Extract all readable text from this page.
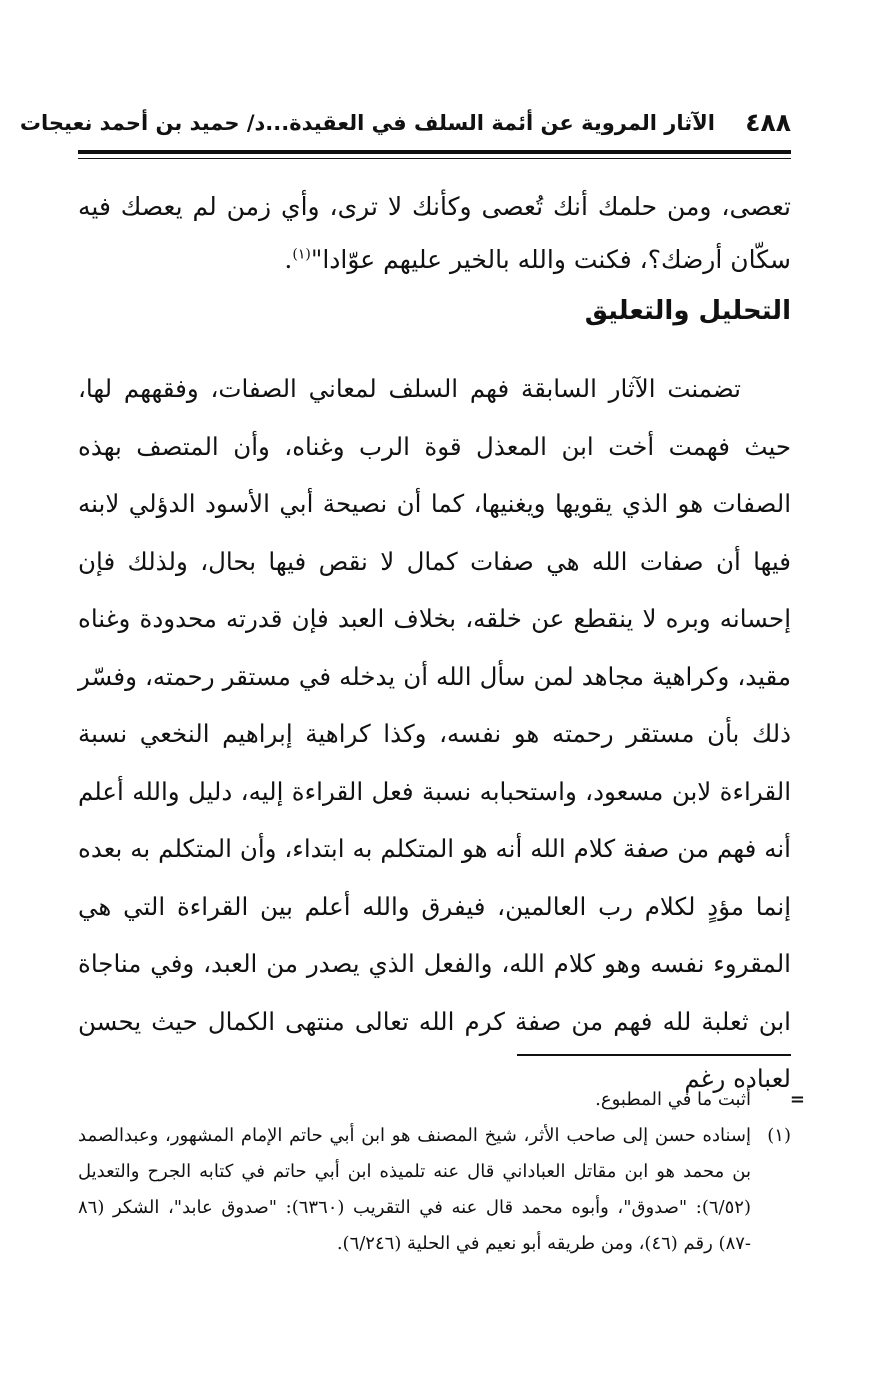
٤٨٨
الآثار المروية عن أئمة السلف في العقيدة...د/ حميد بن أحمد نعيجات

تعصى، ومن حلمك أنك تُعصى وكأنك لا ترى، وأي زمن لم يعصك فيه سكّان أرضك؟، فكنت والله بالخير عليهم عوّادا"$^{(١)}$.

التحليل والتعليق

تضمنت الآثار السابقة فهم السلف لمعاني الصفات، وفقههم لها، حيث فهمت أخت ابن المعذل قوة الرب وغناه، وأن المتصف بهذه الصفات هو الذي يقويها ويغنيها، كما أن نصيحة أبي الأسود الدؤلي لابنه فيها أن صفات الله هي صفات كمال لا نقص فيها بحال، ولذلك فإن إحسانه وبره لا ينقطع عن خلقه، بخلاف العبد فإن قدرته محدودة وغناه مقيد، وكراهية مجاهد لمن سأل الله أن يدخله في مستقر رحمته، وفسّر ذلك بأن مستقر رحمته هو نفسه، وكذا كراهية إبراهيم النخعي نسبة القراءة لابن مسعود، واستحبابه نسبة فعل القراءة إليه، دليل والله أعلم أنه فهم من صفة كلام الله أنه هو المتكلم به ابتداء، وأن المتكلم به بعده إنما مؤدٍ لكلام رب العالمين، فيفرق والله أعلم بين القراءة التي هي المقروء نفسه وهو كلام الله، والفعل الذي يصدر من العبد، وفي مناجاة ابن ثعلبة لله فهم من صفة كرم الله تعالى منتهى الكمال حيث يحسن لعباده رغم

=
أثبت ما في المطبوع.
(١)
إسناده حسن إلى صاحب الأثر، شيخ المصنف هو ابن أبي حاتم الإمام المشهور، وعبدالصمد بن محمد هو ابن مقاتل العباداني قال عنه تلميذه ابن أبي حاتم في كتابه الجرح والتعديل (٦/٥٢): "صدوق"، وأبوه محمد قال عنه في التقريب (٦٣٦٠): "صدوق عابد"، الشكر (٨٦ -٨٧) رقم (٤٦)، ومن طريقه أبو نعيم في الحلية (٦/٢٤٦).
